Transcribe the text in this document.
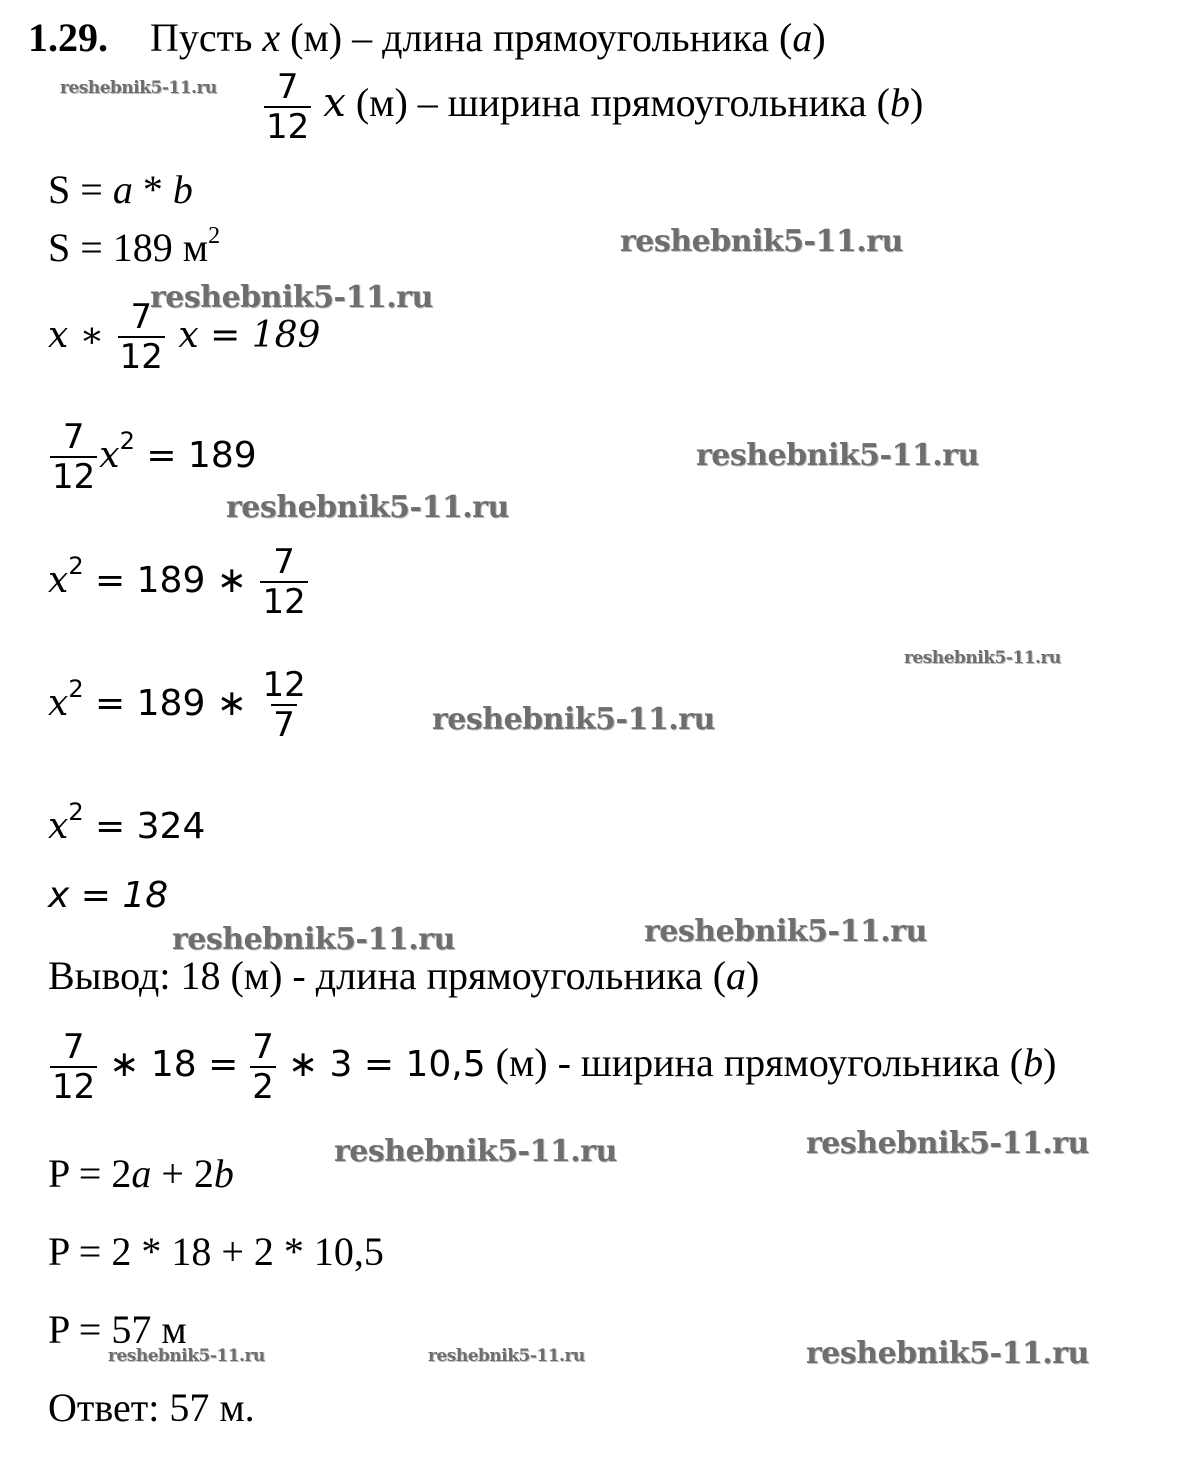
1.29. Пусть x (м) – длина прямоугольника (a)
reshebnik5-11.ru $\frac{7}{12}$ x (м) – ширина прямоугольника (b)
S = a * b
S = 189 $м^2$	reshebnik5-11.ru
reshebnik5-11.ru
x ∗ $\frac{7}{12}$ x = 189
$\frac{7}{12} x^2 = 189$	reshebnik5-11.ru
reshebnik5-11.ru
$x^2 = 189$ ∗ $\frac{7}{12}$
reshebnik5-11.ru
$x^2 = 189$ ∗ $\frac{12}{7}$	reshebnik5-11.ru
$x^2 = 324$
x = 18
reshebnik5-11.ru	reshebnik5-11.ru
Вывод: 18 (м) - длина прямоугольника (a)
$\frac{7}{12}$ ∗ $18 = \frac{7}{2}$ ∗ 3 = 10,5 (м) - ширина прямоугольника (b)
reshebnik5-11.ru	reshebnik5-11.ru
P = 2a + 2b
P = 2 * 18 + 2 * 10,5
P = 57 м
reshebnik5-11.ru	reshebnik5-11.ru	reshebnik5-11.ru
Ответ: 57 м.
